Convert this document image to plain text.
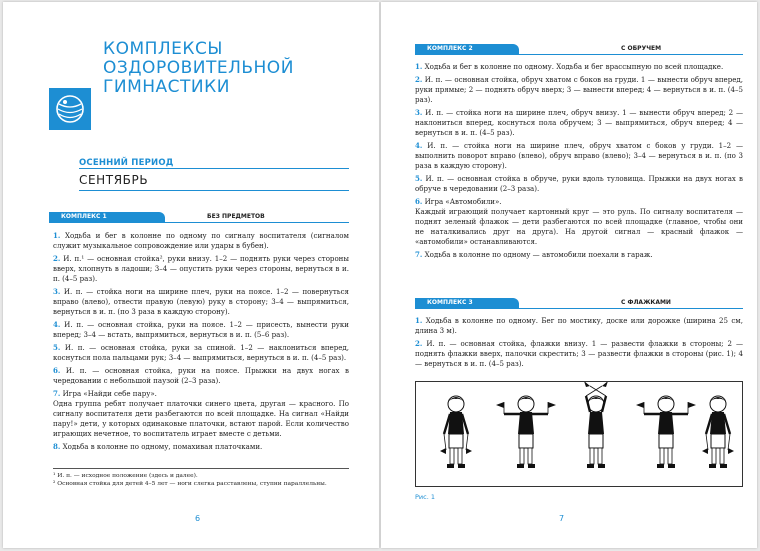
КОМПЛЕКСЫ
ОЗДОРОВИТЕЛЬНОЙ
ГИМНАСТИКИ
ОСЕННИЙ ПЕРИОД
СЕНТЯБРЬ
КОМПЛЕКС 1	БЕЗ ПРЕДМЕТОВ

1. Ходьба и бег в колонне по одному по сигналу воспитателя (сигналом служит музыкальное сопровождение или удары в бубен).

2. И. п.¹ — основная стойка², руки внизу. 1–2 — поднять руки через стороны вверх, хлопнуть в ладоши; 3–4 — опустить руки через стороны, вернуться в и. п. (4–5 раз).

3. И. п. — стойка ноги на ширине плеч, руки на поясе. 1–2 — повернуться вправо (влево), отвести правую (левую) руку в сторону; 3–4 — выпрямиться, вернуться в и. п. (по 3 раза в каждую сторону).

4. И. п. — основная стойка, руки на поясе. 1–2 — присесть, вынести руки вперед; 3–4 — встать, выпрямиться, вернуться в и. п. (5–6 раз).

5. И. п. — основная стойка, руки за спиной. 1–2 — наклониться вперед, коснуться пола пальцами рук; 3–4 — выпрямиться, вернуться в и. п. (4–5 раз).

6. И. п. — основная стойка, руки на поясе. Прыжки на двух ногах в чередовании с небольшой паузой (2–3 раза).

7. Игра «Найди себе пару».

Одна группа ребят получает платочки синего цвета, другая — красного. По сигналу воспитателя дети разбегаются по всей площадке. На сигнал «Найди пару!» дети, у которых одинаковые платочки, встают парой. Если количество играющих нечетное, то воспитатель играет вместе с детьми.

8. Ходьба в колонне по одному, помахивая платочками.

¹ И. п. — исходное положение (здесь и далее).

² Основная стойка для детей 4–5 лет — ноги слегка расставлены, ступни параллельны.

6
КОМПЛЕКС 2	С ОБРУЧЕМ

1. Ходьба и бег в колонне по одному. Ходьба и бег врассыпную по всей площадке.

2. И. п. — основная стойка, обруч хватом с боков на груди. 1 — вынести обруч вперед, руки прямые; 2 — поднять обруч вверх; 3 — вынести вперед; 4 — вернуться в и. п. (4–5 раз).

3. И. п. — стойка ноги на ширине плеч, обруч внизу. 1 — вынести обруч вперед; 2 — наклониться вперед, коснуться пола обручем; 3 — выпрямиться, обруч вперед; 4 — вернуться в и. п. (4–5 раз).

4. И. п. — стойка ноги на ширине плеч, обруч хватом с боков у груди. 1–2 — выполнить поворот вправо (влево), обруч вправо (влево); 3–4 — вернуться в и. п. (по 3 раза в каждую сторону).

5. И. п. — основная стойка в обруче, руки вдоль туловища. Прыжки на двух ногах в обруче в чередовании (2–3 раза).

6. Игра «Автомобили».

Каждый играющий получает картонный круг — это руль. По сигналу воспитателя — поднят зеленый флажок — дети разбегаются по всей площадке (главное, чтобы они не наталкивались друг на друга). На другой сигнал — красный флажок — «автомобили» останавливаются.

7. Ходьба в колонне по одному — автомобили поехали в гараж.

КОМПЛЕКС 3	С ФЛАЖКАМИ

1. Ходьба в колонне по одному. Бег по мостику, доске или дорожке (ширина 25 см, длина 3 м).

2. И. п. — основная стойка, флажки внизу. 1 — развести флажки в стороны; 2 — поднять флажки вверх, палочки скрестить; 3 — развести флажки в стороны (рис. 1); 4 — вернуться в и. п. (4–5 раз).

Рис. 1
7
